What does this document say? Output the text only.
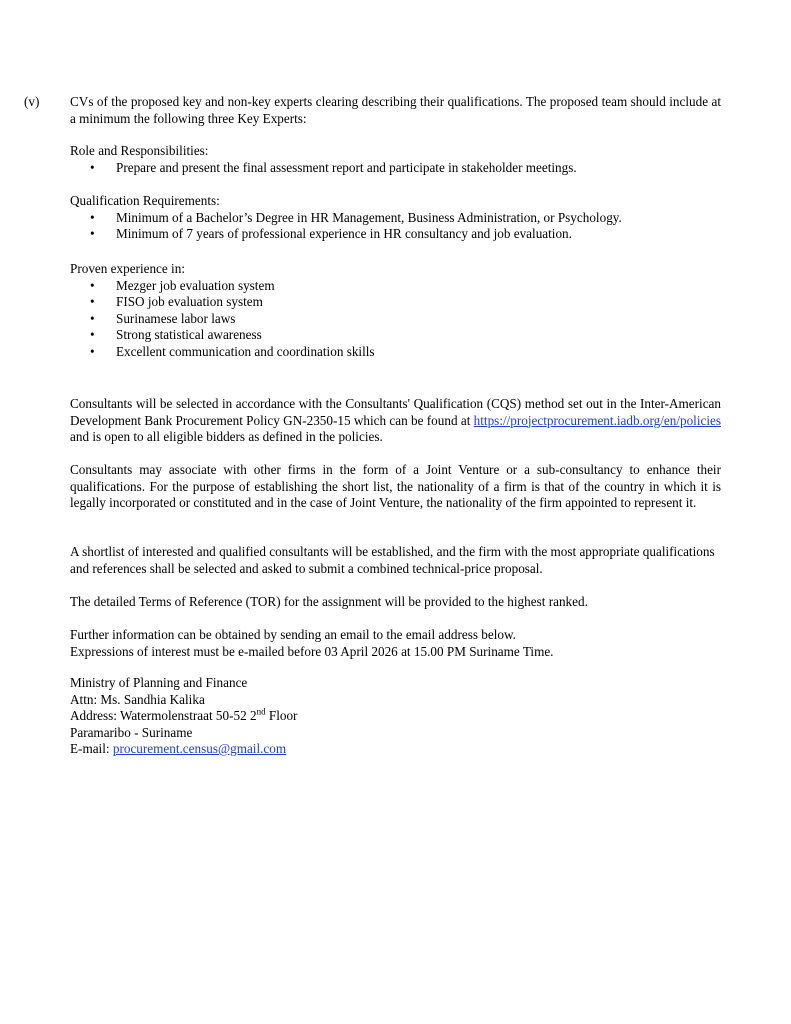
(v) CVs of the proposed key and non-key experts clearing describing their qualifications. The proposed team should include at a minimum the following three Key Experts:

Role and Responsibilities:

• Prepare and present the final assessment report and participate in stakeholder meetings.

Qualification Requirements:

• Minimum of a Bachelor’s Degree in HR Management, Business Administration, or Psychology.
• Minimum of 7 years of professional experience in HR consultancy and job evaluation.

Proven experience in:

• Mezger job evaluation system
• FISO job evaluation system
• Surinamese labor laws
• Strong statistical awareness
• Excellent communication and coordination skills

Consultants will be selected in accordance with the Consultants' Qualification (CQS) method set out in the Inter-American Development Bank Procurement Policy GN-2350-15 which can be found at https://projectprocurement.iadb.org/en/policies and is open to all eligible bidders as defined in the policies.

Consultants may associate with other firms in the form of a Joint Venture or a sub-consultancy to enhance their qualifications. For the purpose of establishing the short list, the nationality of a firm is that of the country in which it is legally incorporated or constituted and in the case of Joint Venture, the nationality of the firm appointed to represent it.

A shortlist of interested and qualified consultants will be established, and the firm with the most appropriate qualifications and references shall be selected and asked to submit a combined technical-price proposal.

The detailed Terms of Reference (TOR) for the assignment will be provided to the highest ranked.

Further information can be obtained by sending an email to the email address below.

Expressions of interest must be e-mailed before 03 April 2026 at 15.00 PM Suriname Time.

Ministry of Planning and Finance

Attn: Ms. Sandhia Kalika

Address: Watermolenstraat 50-52 2nd Floor

Paramaribo - Suriname

E-mail: procurement.census@gmail.com
